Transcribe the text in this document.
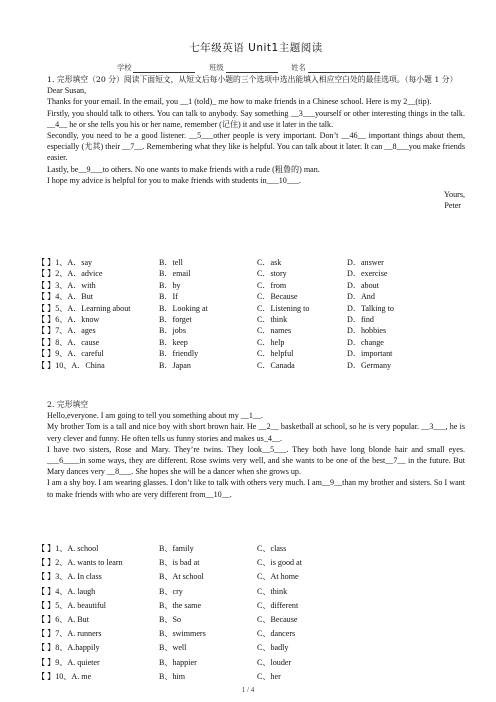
七年级英语 Unit1主题阅读
学校	班级	姓名

1. 完形填空（20 分）阅读下面短文，从短文后每小题的三个选项中选出能填入相应空白处的最佳选项。（每小题 1 分）

Dear Susan,

Thanks for your email. In the email, you __1 (told)_ me how to make friends in a Chinese school. Here is my 2__(tip).

Firstly, you should talk to others. You can talk to anybody. Say something __3___yourself or other interesting things in the talk. __4__ he or she tells you his or her name, remember (记住) it and use it later in the talk.

Secondly, you need to be a good listener. __5___other people is very important. Don’t __46__ important things about them, especially (尤其) their __7__. Remembering what they like is helpful. You can talk about it later. It can __8___you make friends easier.

Lastly, be__9___to others. No one wants to make friends with a rude (粗鲁的) man.

I hope my advice is helpful for you to make friends with students in___10___.

Yours,

Peter

【 】1、A．say	B．tell	C．ask	D．answer
【 】2、A．advice	B．email	C．story	D．exercise
【 】3、A．with	B．by	C．from	D．about
【 】4、A．But	B．If	C．Because	D．And
【 】5、A．Learning about	B．Looking at	C．Listening to	D．Talking to
【 】6、A．know	B．forget	C．think	D．find
【 】7、A．ages	B．jobs	C．names	D．hobbies
【 】8、A．cause	B．keep	C．help	D．change
【 】9、A．careful	B．friendly	C．helpful	D．important
【 】10、A．China	B．Japan	C．Canada	D．Germany

2. 完形填空

Hello,everyone. I am going to tell you something about my __1__.

My brother Tom is a tall and nice boy with short brown hair. He __2__ basketball at school, so he is very popular. __3___, he is very clever and funny. He often tells us funny stories and makes us_4__.

I have two sisters, Rose and Mary. They’re twins. They look__5___. They both have long blonde hair and small eyes. ___6____in some ways, they are different. Rose swims very well, and she wants to be one of the best__7__ in the future. But Mary dances very __8___. She hopes she will be a dancer when she grows up.

I am a shy boy. I am wearing glasses. I don’t like to talk with others very much. I am__9__than my brother and sisters. So I want to make friends with who are very different from__10__.

【 】1、A. school	B、family	C、class
【 】2、A. wants to learn	B、is bad at	C、is good at
【 】3、A. In class	B、At school	C、At home
【 】4、A. laugh	B、cry	C、think
【 】5、A. beautiful	B、the same	C、different
【 】6、A. But	B、So	C、Because
【 】7、A. runners	B、swimmers	C、dancers
【 】8、A.happily	B、well	C、badly
【 】9、A. quieter	B、happier	C、louder
【 】10、A. me	B、him	C、her
1 / 4
